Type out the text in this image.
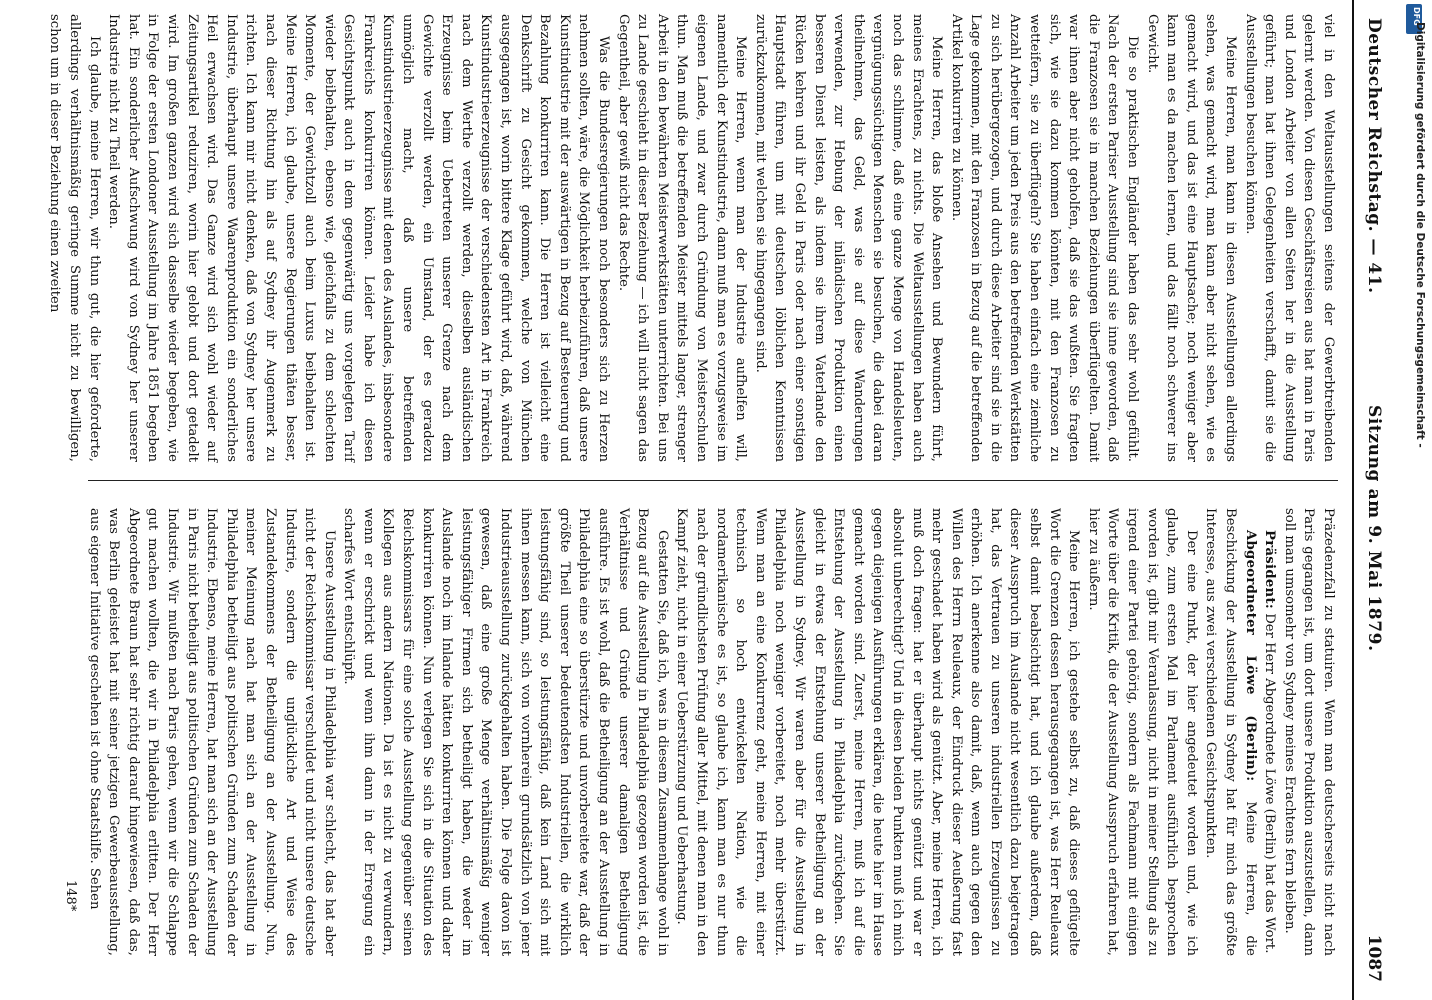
Deutscher Reichstag. — 41.
Sitzung am 9. Mai 1879.
1087

viel in den Weltausstellungen seitens der Gewerbtreibenden gelernt werden. Von diesen Geschäftsreisen aus hat man in Paris und London Arbeiter von allen Seiten her in die Ausstellung geführt; man hat ihnen Gelegenheiten verschafft, damit sie die Ausstellungen besuchen können.

Meine Herren, man kann in diesen Ausstellungen allerdings sehen, was gemacht wird, man kann aber nicht sehen, wie es gemacht wird, und das ist eine Hauptsache; noch weniger aber kann man es da machen lernen, und das fällt noch schwerer ins Gewicht.

Die so praktischen Engländer haben das sehr wohl gefühlt. Nach der ersten Pariser Ausstellung sind sie inne geworden, daß die Franzosen sie in manchen Beziehungen überflügelten. Damit war ihnen aber nicht geholfen, daß sie das wußten. Sie fragten sich, wie sie dazu kommen könnten, mit den Franzosen zu wetteifern, sie zu überflügeln? Sie haben einfach eine ziemliche Anzahl Arbeiter um jeden Preis aus den betreffenden Werkstätten zu sich herübergezogen, und durch diese Arbeiter sind sie in die Lage gekommen, mit den Franzosen in Bezug auf die betreffenden Artikel konkurriren zu können.

Meine Herren, das bloße Ansehen und Bewundern führt, meines Erachtens, zu nichts. Die Weltausstellungen haben auch noch das schlimme, daß eine ganze Menge von Handelsleuten, vergnügungssüchtigen Menschen sie besuchen, die dabei daran theilnehmen, das Geld, was sie auf diese Wanderungen verwenden, zur Hebung der inländischen Produktion einen besseren Dienst leisten, als indem sie ihrem Vaterlande den Rücken kehren und ihr Geld in Paris oder nach einer sonstigen Hauptstadt führen, um mit deutschen löblichen Kenntnissen zurückzukommen, mit welchen sie hingegangen sind.

Meine Herren, wenn man der Industrie aufhelfen will, namentlich der Kunstindustrie, dann muß man es vorzugsweise im eigenen Lande, und zwar durch Gründung von Meisterschulen thun. Man muß die betreffenden Meister mittels langer, strenger Arbeit in den bewährten Meisterwerkstätten unterrichten. Bei uns zu Lande geschieht in dieser Beziehung — ich will nicht sagen das Gegentheil, aber gewiß nicht das Rechte.

Was die Bundesregierungen noch besonders sich zu Herzen nehmen sollten, wäre, die Möglichkeit herbeizuführen, daß unsere Kunstindustrie mit der auswärtigen in Bezug auf Besteuerung und Bezahlung konkurriren kann. Die Herren ist vielleicht eine Denkschrift zu Gesicht gekommen, welche von München ausgegangen ist, worin bittere Klage geführt wird, daß, während Kunstindustrieerzeugnisse der verschiedensten Art in Frankreich nach dem Werthe verzollt werden, dieselben ausländischen Erzeugnisse beim Uebertreten unserer Grenze nach dem Gewichte verzollt werden, ein Umstand, der es geradezu unmöglich macht, daß unsere betreffenden Kunstindustrieerzeugnisse mit denen des Auslandes, insbesondere Frankreichs konkurriren können. Leider habe ich diesen Gesichtspunkt auch in dem gegenwärtig uns vorgelegten Tarif wieder beibehalten, ebenso wie, gleichfalls zu dem schlechten Momente, der Gewichtzoll auch beim Luxus beibehalten ist. Meine Herren, ich glaube, unsere Regierungen thäten besser, nach dieser Richtung hin als auf Sydney ihr Augenmerk zu richten. Ich kann mir nicht denken, daß von Sydney her unsere Industrie, überhaupt unsere Waarenproduktion ein sonderliches Heil erwachsen wird. Das Ganze wird sich wohl wieder auf Zeitungsartikel reduziren, worin hier gelobt und dort getadelt wird. Im großen ganzen wird sich dasselbe wieder begeben, wie in Folge der ersten Londoner Ausstellung im Jahre 1851 begeben hat. Ein sonderlicher Aufschwung wird von Sydney her unserer Industrie nicht zu Theil werden.

Ich glaube, meine Herren, wir thun gut, die hier geforderte, allerdings verhältnismäßig geringe Summe nicht zu bewilligen, schon um in dieser Beziehung einen zweiten

Präzedenzfall zu statuiren. Wenn man deutscherseits nicht nach Paris gegangen ist, um dort unsere Produktion auszustellen, dann soll man umsomehr von Sydney meines Erachtens fern bleiben.

Präsident: Der Herr Abgeordnete Löwe (Berlin) hat das Wort.

Abgeordneter Löwe (Berlin): Meine Herren, die Beschickung der Ausstellung in Sydney hat für mich das größte Interesse, aus zwei verschiedenen Gesichtspunkten.

Der eine Punkt, der hier angedeutet worden und, wie ich glaube, zum ersten Mal im Parlament ausführlich besprochen worden ist, gibt mir Veranlassung, nicht in meiner Stellung als zu irgend einer Partei gehörig, sondern als Fachmann mit einigen Worte über die Kritik, die der Ausstellung Ausspruch erfahren hat, hier zu äußern.

Meine Herren, ich gestehe selbst zu, daß dieses geflügelte Wort die Grenzen dessen herausgegangen ist, was Herr Reuleaux selbst damit beabsichtigt hat, und ich glaube außerdem, daß dieser Ausspruch im Auslande nicht wesentlich dazu beigetragen hat, das Vertrauen zu unseren industriellen Erzeugnissen zu erhöhen. Ich anerkenne also damit, daß, wenn auch gegen den Willen des Herrn Reuleaux, der Eindruck dieser Aeußerung fast mehr geschadet haben wird als genützt. Aber, meine Herren, ich muß doch fragen: hat er überhaupt nichts genützt und war er absolut unberechtigt? Und in diesen beiden Punkten muß ich mich gegen diejenigen Ausführungen erklären, die heute hier im Hause gemacht worden sind. Zuerst, meine Herren, muß ich auf die Entstehung der Ausstellung in Philadelphia zurückgehen. Sie gleicht in etwas der Entstehung unserer Betheiligung an der Ausstellung in Sydney. Wir waren aber für die Ausstellung in Philadelphia noch weniger vorbereitet, noch mehr überstürzt. Wenn man an eine Konkurrenz geht, meine Herren, mit einer technisch so hoch entwickelten Nation, wie die nordamerikanische es ist, so glaube ich, kann man es nur thun nach der gründlichsten Prüfung aller Mittel, mit denen man in den Kampf zieht, nicht in einer Ueberstürzung und Ueberhastung.

Gestatten Sie, daß ich, was in diesem Zusammenhange wohl in Bezug auf die Ausstellung in Philadelphia gezogen worden ist, die Verhältnisse und Gründe unserer damaligen Betheiligung ausführe. Es ist wohl, daß die Betheiligung an der Ausstellung in Philadelphia eine so überstürzte und unvorbereitete war, daß der größte Theil unserer bedeutendsten Industriellen, die wirklich leistungsfähig sind, so leistungsfähig, daß kein Land sich mit ihnen messen kann, sich von vornherein grundsätzlich von jener Industrieausstellung zurückgehalten haben. Die Folge davon ist gewesen, daß eine große Menge verhältnismäßig weniger leistungsfähiger Firmen sich betheiligt haben, die weder im Auslande noch im Inlande hätten konkurriren können und daher konkurriren können. Nun verlegen Sie sich in die Situation des Reichskommissars für eine solche Ausstellung gegenüber seinen Kollegen aus andern Nationen. Da ist es nicht zu verwundern, wenn er erschrickt und wenn ihm dann in der Erregung ein scharfes Wort entschlüpft.

Unsere Ausstellung in Philadelphia war schlecht, das hat aber nicht der Reichskommissar verschuldet und nicht unsere deutsche Industrie, sondern die unglückliche Art und Weise des Zustandekommens der Betheiligung an der Ausstellung. Nun, meiner Meinung nach hat man sich an der Ausstellung in Philadelphia betheiligt aus politischen Gründen zum Schaden der Industrie. Ebenso, meine Herren, hat man sich an der Ausstellung in Paris nicht betheiligt aus politischen Gründen zum Schaden der Industrie. Wir mußten nach Paris gehen, wenn wir die Schlappe gut machen wollten, die wir in Philadelphia erlitten. Der Herr Abgeordnete Braun hat sehr richtig darauf hingewiesen, daß das, was Berlin geleistet hat mit seiner jetzigen Gewerbeausstellung, aus eigener Initiative geschehen ist ohne Staatshilfe. Sehen

148*
DFG
Digitalisierung gefördert durch die Deutsche Forschungsgemeinschaft -
